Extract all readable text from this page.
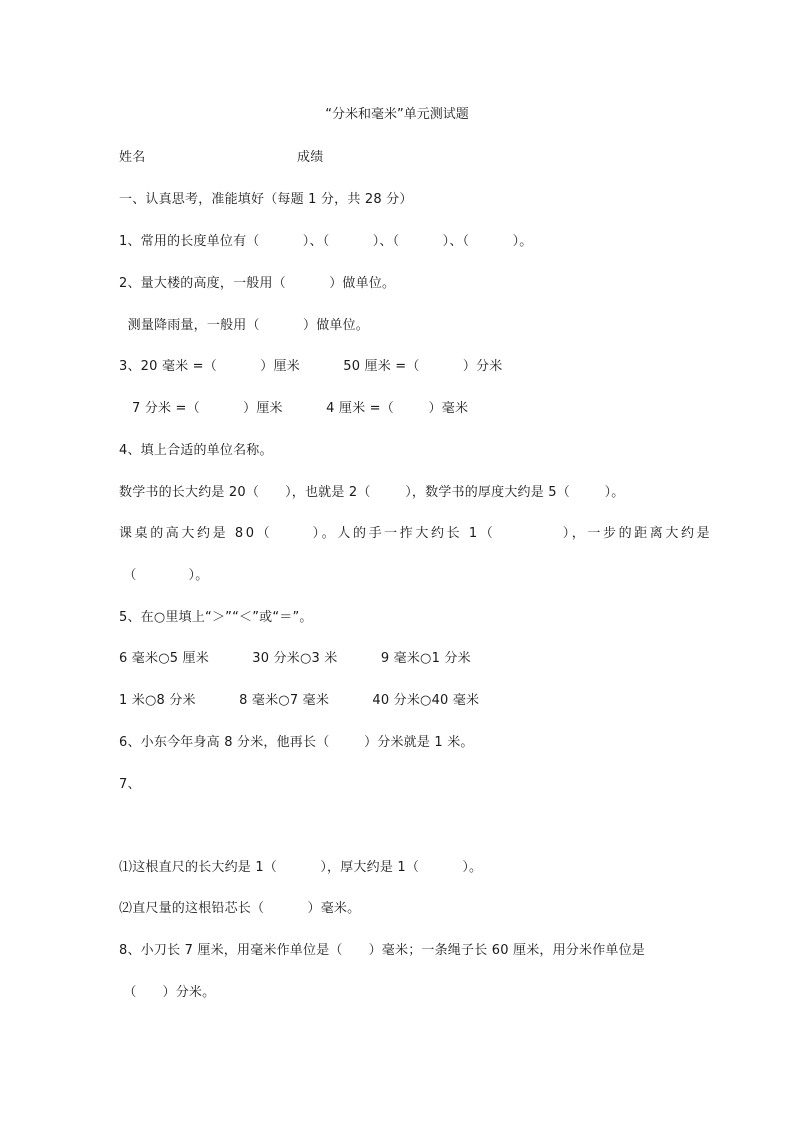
“分米和毫米”单元测试题
姓名                                   成绩
一、认真思考，准能填好（每题 1 分，共 28 分）
1、常用的长度单位有（          ）、（          ）、（          ）、（          ）。
2、量大楼的高度，一般用（          ）做单位。
测量降雨量，一般用（          ）做单位。
3、20 毫米 =（          ）厘米          50 厘米 =（          ）分米
7 分米 =（          ）厘米          4 厘米 =（        ）毫米
4、填上合适的单位名称。
数学书的长大约是 20（      ），也就是 2（        ），数学书的厚度大约是 5（        ）。
课桌的高大约是 80（      ）。人的手一拃大约长 1（          ），一步的距离大约是
（            ）。
5、在○里填上“＞”“＜”或“＝”。
6 毫米○5 厘米          30 分米○3 米          9 毫米○1 分米
1 米○8 分米          8 毫米○7 毫米          40 分米○40 毫米
6、小东今年身高 8 分米，他再长（        ）分米就是 1 米。
7、
⑴这根直尺的长大约是 1（          ），厚大约是 1（          ）。
⑵直尺量的这根铅芯长（          ）毫米。
8、小刀长 7 厘米，用毫米作单位是（      ）毫米；一条绳子长 60 厘米，用分米作单位是
（      ）分米。
